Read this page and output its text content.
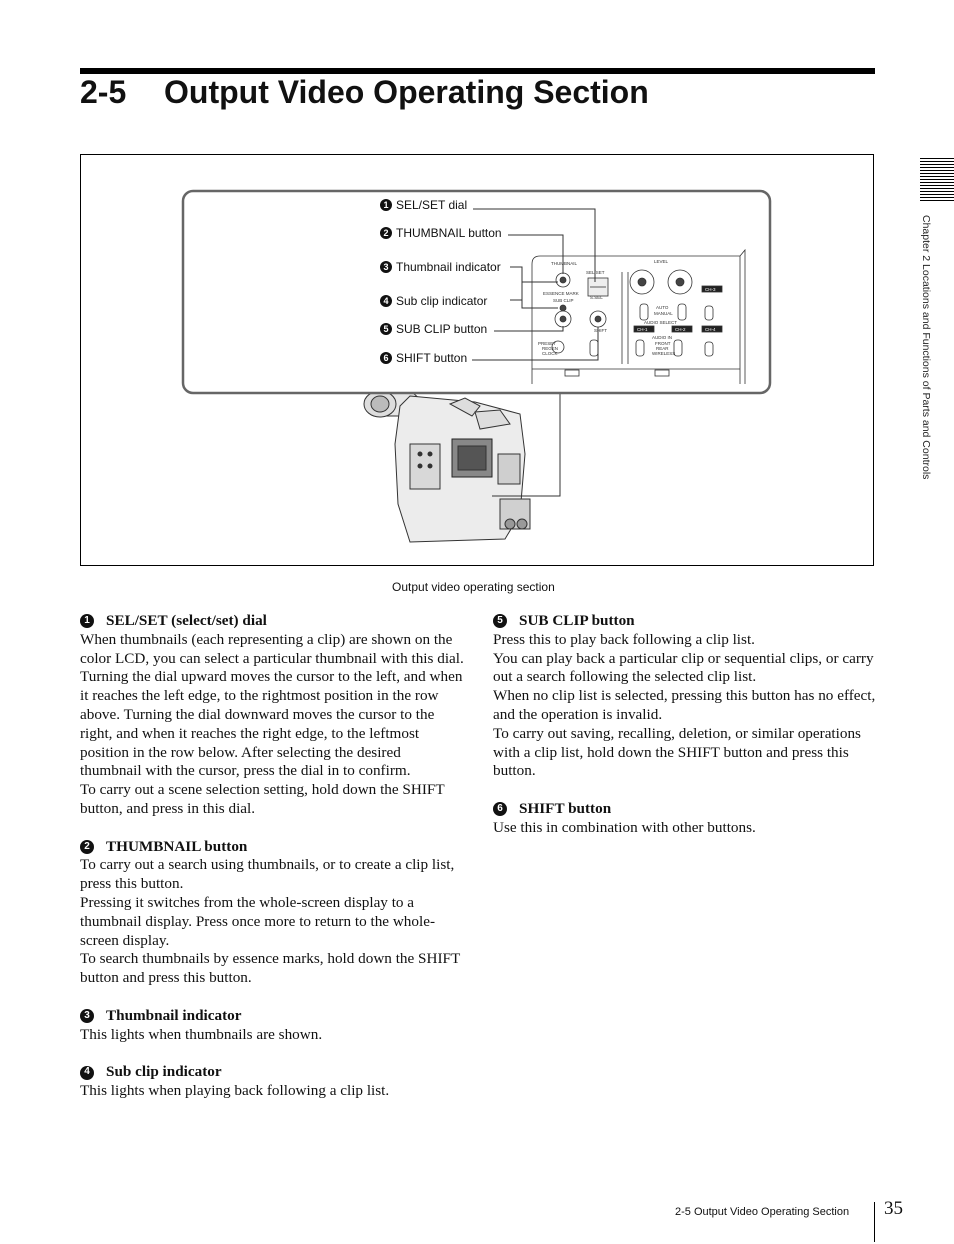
2-5 Output Video Operating Section
Chapter 2 Locations and Functions of Parts and Controls
THUMBNAIL
SEL/SET
ESSENCE MARK
SUB CLIP
S.SEL
SHIFT
PRESET
REGEN
CLOCK
LEVEL
AUTO
MANUAL
AUDIO SELECT
AUDIO IN
FRONT
REAR
WIRELESS
CH-3
CH-1	CH-2	CH-4
1 SEL/SET dial
2 THUMBNAIL button
3 Thumbnail indicator
4 Sub clip indicator
5 SUB CLIP button
6 SHIFT button
Output video operating section
1 SEL/SET (select/set) dial

When thumbnails (each representing a clip) are shown on the color LCD, you can select a particular thumbnail with this dial.

Turning the dial upward moves the cursor to the left, and when it reaches the left edge, to the rightmost position in the row above. Turning the dial downward moves the cursor to the right, and when it reaches the right edge, to the leftmost position in the row below. After selecting the desired thumbnail with the cursor, press the dial in to confirm.

To carry out a scene selection setting, hold down the SHIFT button, and press in this dial.

2 THUMBNAIL button

To carry out a search using thumbnails, or to create a clip list, press this button.

Pressing it switches from the whole-screen display to a thumbnail display. Press once more to return to the whole-screen display.

To search thumbnails by essence marks, hold down the SHIFT button and press this button.

3 Thumbnail indicator

This lights when thumbnails are shown.

4 Sub clip indicator

This lights when playing back following a clip list.

5 SUB CLIP button

Press this to play back following a clip list.

You can play back a particular clip or sequential clips, or carry out a search following the selected clip list.

When no clip list is selected, pressing this button has no effect, and the operation is invalid.

To carry out saving, recalling, deletion, or similar operations with a clip list, hold down the SHIFT button and press this button.

6 SHIFT button

Use this in combination with other buttons.

2-5 Output Video Operating Section 35
